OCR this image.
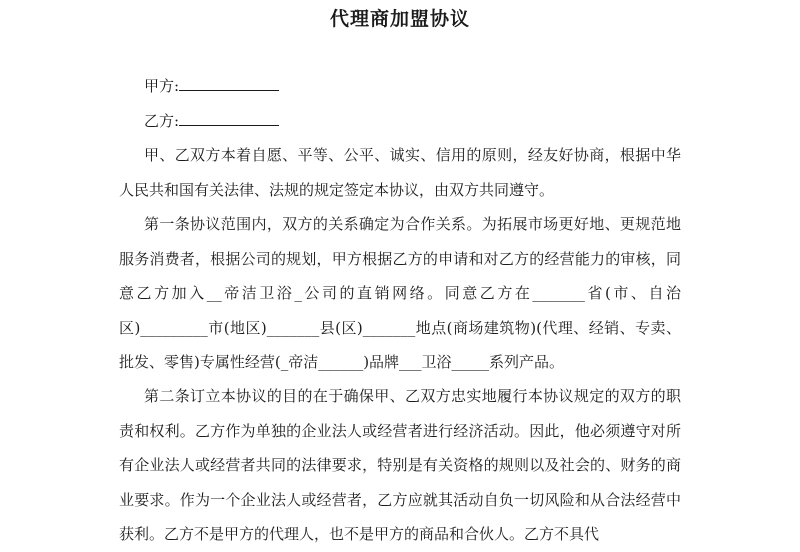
代理商加盟协议
甲方:
乙方:

甲、乙双方本着自愿、平等、公平、诚实、信用的原则，经友好协商，根据中华人民共和国有关法律、法规的规定签定本协议，由双方共同遵守。

第一条协议范围内，双方的关系确定为合作关系。为拓展市场更好地、更规范地服务消费者，根据公司的规划，甲方根据乙方的申请和对乙方的经营能力的审核，同意乙方加入__帝洁卫浴_公司的直销网络。同意乙方在_______省(市、自治区)_________市(地区)_______县(区)_______地点(商场建筑物)(代理、经销、专卖、批发、零售)专属性经营(_帝洁______)品牌___卫浴_____系列产品。

第二条订立本协议的目的在于确保甲、乙双方忠实地履行本协议规定的双方的职责和权利。乙方作为单独的企业法人或经营者进行经济活动。因此，他必须遵守对所有企业法人或经营者共同的法律要求，特别是有关资格的规则以及社会的、财务的商业要求。作为一个企业法人或经营者，乙方应就其活动自负一切风险和从合法经营中获利。乙方不是甲方的代理人，也不是甲方的商品和合伙人。乙方不具代
